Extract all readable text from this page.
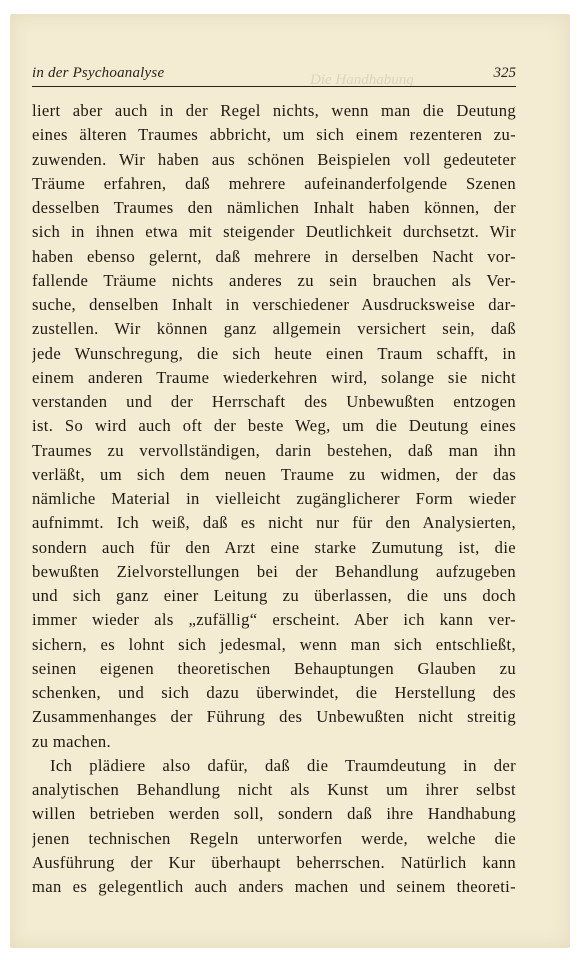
Die Handhabung
in der Psychoanalyse	325
liert aber auch in der Regel nichts, wenn man die Deutung
eines älteren Traumes abbricht, um sich einem rezenteren zu-
zuwenden. Wir haben aus schönen Beispielen voll gedeuteter
Träume erfahren, daß mehrere aufeinanderfolgende Szenen
desselben Traumes den nämlichen Inhalt haben können, der
sich in ihnen etwa mit steigender Deutlichkeit durchsetzt. Wir
haben ebenso gelernt, daß mehrere in derselben Nacht vor-
fallende Träume nichts anderes zu sein brauchen als Ver-
suche, denselben Inhalt in verschiedener Ausdrucksweise dar-
zustellen. Wir können ganz allgemein versichert sein, daß
jede Wunschregung, die sich heute einen Traum schafft, in
einem anderen Traume wiederkehren wird, solange sie nicht
verstanden und der Herrschaft des Unbewußten entzogen
ist. So wird auch oft der beste Weg, um die Deutung eines
Traumes zu vervollständigen, darin bestehen, daß man ihn
verläßt, um sich dem neuen Traume zu widmen, der das
nämliche Material in vielleicht zugänglicherer Form wieder
aufnimmt. Ich weiß, daß es nicht nur für den Analysierten,
sondern auch für den Arzt eine starke Zumutung ist, die
bewußten Zielvorstellungen bei der Behandlung aufzugeben
und sich ganz einer Leitung zu überlassen, die uns doch
immer wieder als „zufällig“ erscheint. Aber ich kann ver-
sichern, es lohnt sich jedesmal, wenn man sich entschließt,
seinen eigenen theoretischen Behauptungen Glauben zu
schenken, und sich dazu überwindet, die Herstellung des
Zusammenhanges der Führung des Unbewußten nicht streitig
zu machen.
Ich plädiere also dafür, daß die Traumdeutung in der
analytischen Behandlung nicht als Kunst um ihrer selbst
willen betrieben werden soll, sondern daß ihre Handhabung
jenen technischen Regeln unterworfen werde, welche die
Ausführung der Kur überhaupt beherrschen. Natürlich kann
man es gelegentlich auch anders machen und seinem theoreti-
